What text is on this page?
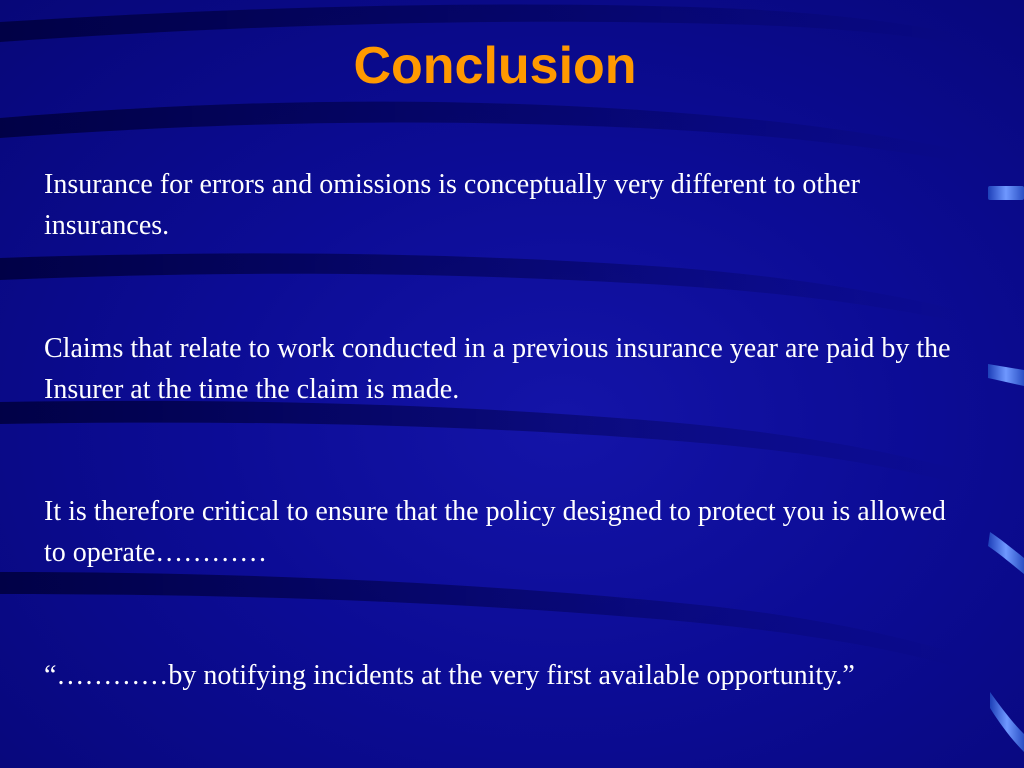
Conclusion

Insurance for errors and omissions is conceptually very different to other insurances.

Claims that relate to work conducted in a previous insurance year are paid by the Insurer at the time the claim is made.

It is therefore critical to ensure that the policy designed to protect you is allowed to operate…………

“…………by notifying incidents at the very first available opportunity.”
